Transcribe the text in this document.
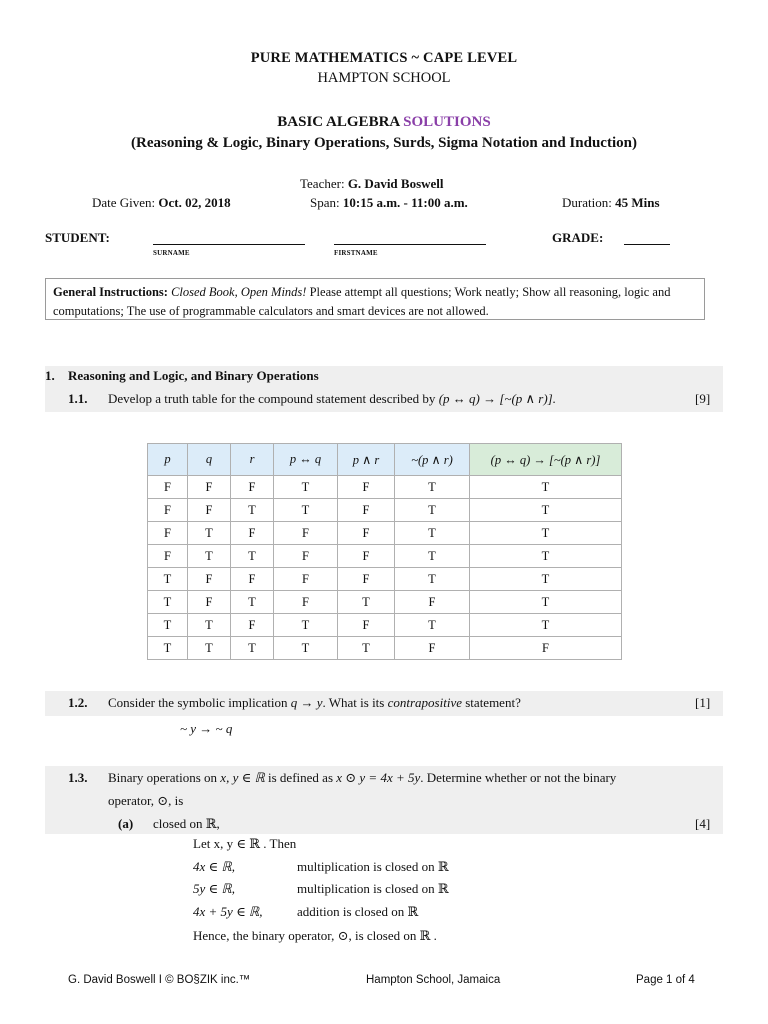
PURE MATHEMATICS ~ CAPE LEVEL
HAMPTON SCHOOL
BASIC ALGEBRA SOLUTIONS
(Reasoning & Logic, Binary Operations, Surds, Sigma Notation and Induction)
Teacher: G. David Boswell
Date Given: Oct. 02, 2018	Span: 10:15 a.m. - 11:00 a.m.	Duration: 45 Mins
STUDENT:
SURNAME	FIRSTNAME
GRADE:
General Instructions: Closed Book, Open Minds! Please attempt all questions; Work neatly; Show all reasoning, logic and computations; The use of programmable calculators and smart devices are not allowed.
1. Reasoning and Logic, and Binary Operations
1.1. Develop a truth table for the compound statement described by (p ↔ q) → [~(p ∧ r)].	[9]
p	q	r	p ↔ q	p ∧ r	~(p ∧ r)	(p ↔ q) → [~(p ∧ r)]
F	F	F	T	F	T	T
F	F	T	T	F	T	T
F	T	F	F	F	T	T
F	T	T	F	F	T	T
T	F	F	F	F	T	T
T	F	T	F	T	F	T
T	T	F	T	F	T	T
T	T	T	T	T	F	F
1.2. Consider the symbolic implication q → y. What is its contrapositive statement?	[1]
~ y → ~ q
1.3. Binary operations on x, y ∈ ℝ is defined as x ⊙ y = 4x + 5y. Determine whether or not the binary
operator, ⊙, is
(a) closed on ℝ,	[4]
Let x, y ∈ ℝ . Then
4x ∈ ℝ,	multiplication is closed on ℝ
5y ∈ ℝ,	multiplication is closed on ℝ
4x + 5y ∈ ℝ,	addition is closed on ℝ
Hence, the binary operator, ⊙, is closed on ℝ .
G. David Boswell I © BO§ZIK inc.™	Hampton School, Jamaica	Page 1 of 4
